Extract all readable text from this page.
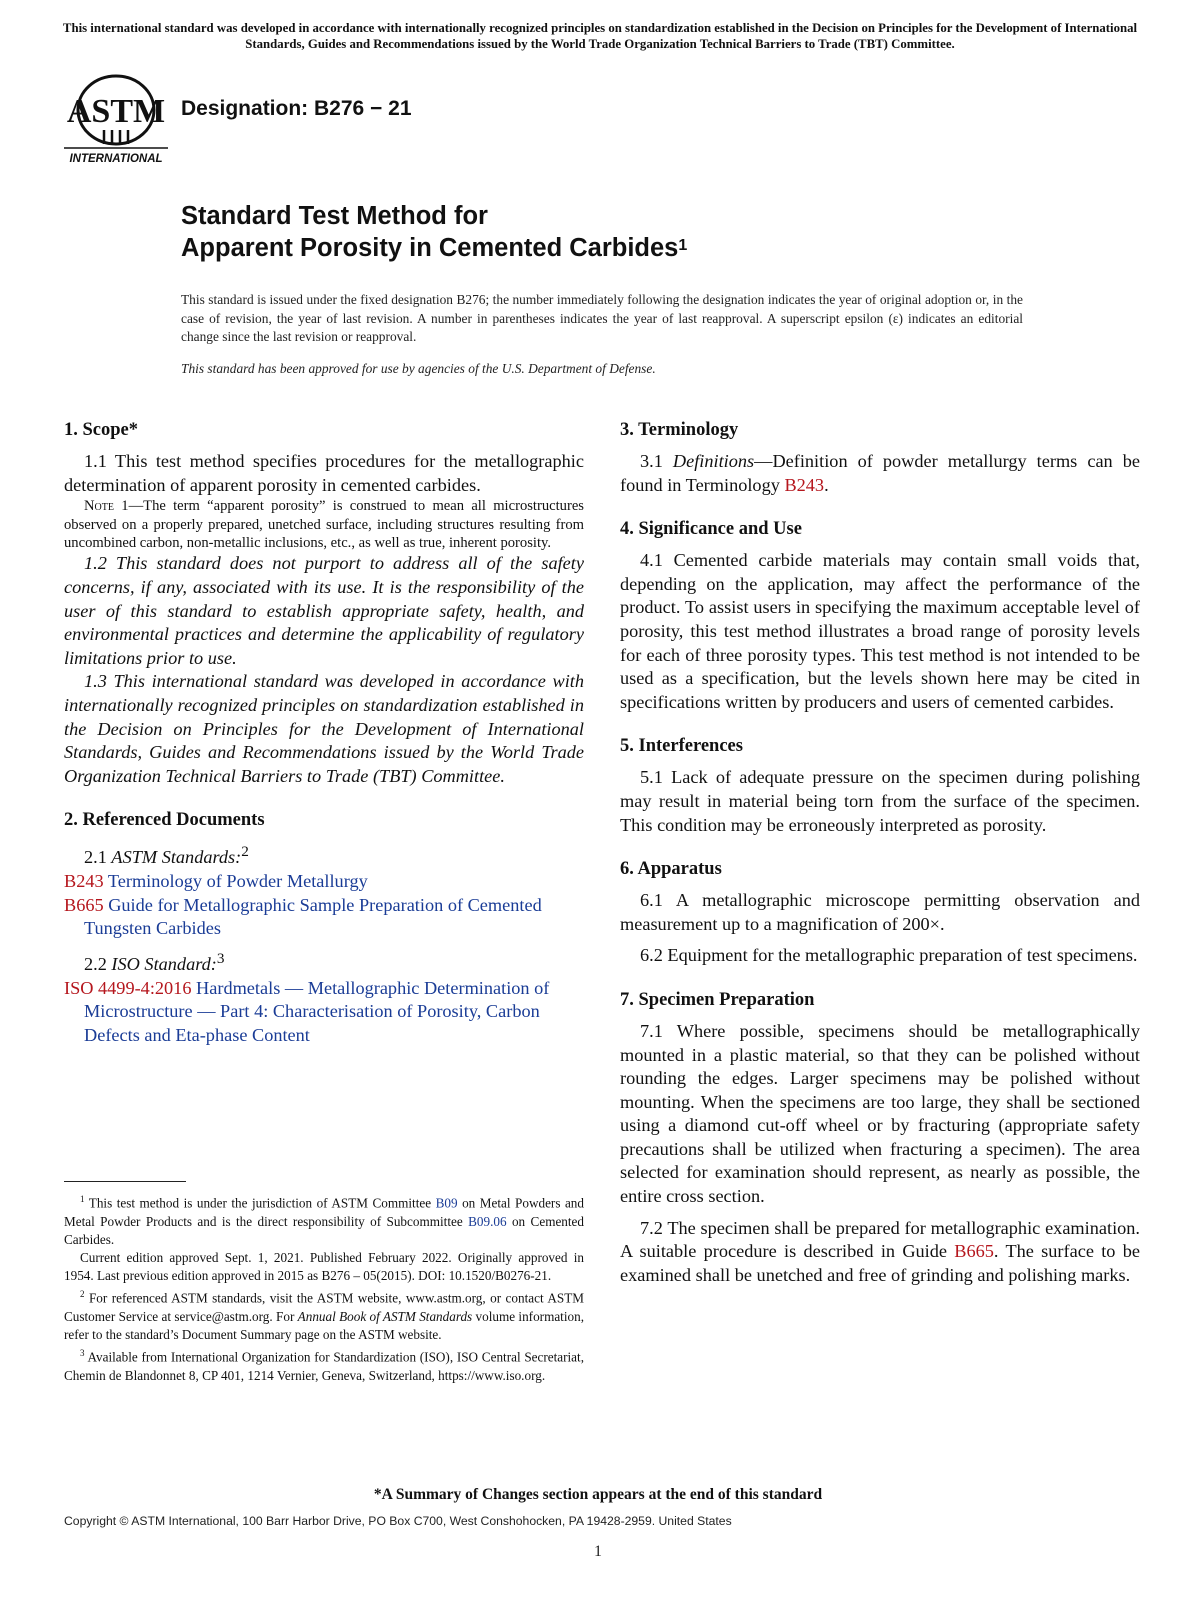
This international standard was developed in accordance with internationally recognized principles on standardization established in the Decision on Principles for the Development of International Standards, Guides and Recommendations issued by the World Trade Organization Technical Barriers to Trade (TBT) Committee.
ASTM
INTERNATIONAL
Designation: B276 − 21
Standard Test Method for
Apparent Porosity in Cemented Carbides$^1$
This standard is issued under the fixed designation B276; the number immediately following the designation indicates the year of original adoption or, in the case of revision, the year of last revision. A number in parentheses indicates the year of last reapproval. A superscript epsilon (ε) indicates an editorial change since the last revision or reapproval.
This standard has been approved for use by agencies of the U.S. Department of Defense.
1. Scope*

1.1 This test method specifies procedures for the metallographic determination of apparent porosity in cemented carbides.

Note 1—The term “apparent porosity” is construed to mean all microstructures observed on a properly prepared, unetched surface, including structures resulting from uncombined carbon, non-metallic inclusions, etc., as well as true, inherent porosity.

1.2 This standard does not purport to address all of the safety concerns, if any, associated with its use. It is the responsibility of the user of this standard to establish appropriate safety, health, and environmental practices and determine the applicability of regulatory limitations prior to use.

1.3 This international standard was developed in accordance with internationally recognized principles on standardization established in the Decision on Principles for the Development of International Standards, Guides and Recommendations issued by the World Trade Organization Technical Barriers to Trade (TBT) Committee.

2. Referenced Documents

2.1 ASTM Standards:$^2$

B243 Terminology of Powder Metallurgy

B665 Guide for Metallographic Sample Preparation of Cemented Tungsten Carbides

2.2 ISO Standard:$^3$

ISO 4499-4:2016 Hardmetals — Metallographic Determination of Microstructure — Part 4: Characterisation of Porosity, Carbon Defects and Eta-phase Content

3. Terminology

3.1 Definitions—Definition of powder metallurgy terms can be found in Terminology B243.

4. Significance and Use

4.1 Cemented carbide materials may contain small voids that, depending on the application, may affect the performance of the product. To assist users in specifying the maximum acceptable level of porosity, this test method illustrates a broad range of porosity levels for each of three porosity types. This test method is not intended to be used as a specification, but the levels shown here may be cited in specifications written by producers and users of cemented carbides.

5. Interferences

5.1 Lack of adequate pressure on the specimen during polishing may result in material being torn from the surface of the specimen. This condition may be erroneously interpreted as porosity.

6. Apparatus

6.1 A metallographic microscope permitting observation and measurement up to a magnification of 200×.

6.2 Equipment for the metallographic preparation of test specimens.

7. Specimen Preparation

7.1 Where possible, specimens should be metallographically mounted in a plastic material, so that they can be polished without rounding the edges. Larger specimens may be polished without mounting. When the specimens are too large, they shall be sectioned using a diamond cut-off wheel or by fracturing (appropriate safety precautions shall be utilized when fracturing a specimen). The area selected for examination should represent, as nearly as possible, the entire cross section.

7.2 The specimen shall be prepared for metallographic examination. A suitable procedure is described in Guide B665. The surface to be examined shall be unetched and free of grinding and polishing marks.

$^1$ This test method is under the jurisdiction of ASTM Committee B09 on Metal Powders and Metal Powder Products and is the direct responsibility of Subcommittee B09.06 on Cemented Carbides.

Current edition approved Sept. 1, 2021. Published February 2022. Originally approved in 1954. Last previous edition approved in 2015 as B276 – 05(2015). DOI: 10.1520/B0276-21.

$^2$ For referenced ASTM standards, visit the ASTM website, www.astm.org, or contact ASTM Customer Service at service@astm.org. For Annual Book of ASTM Standards volume information, refer to the standard’s Document Summary page on the ASTM website.

$^3$ Available from International Organization for Standardization (ISO), ISO Central Secretariat, Chemin de Blandonnet 8, CP 401, 1214 Vernier, Geneva, Switzerland, https://www.iso.org.

*A Summary of Changes section appears at the end of this standard
Copyright © ASTM International, 100 Barr Harbor Drive, PO Box C700, West Conshohocken, PA 19428-2959. United States
1
